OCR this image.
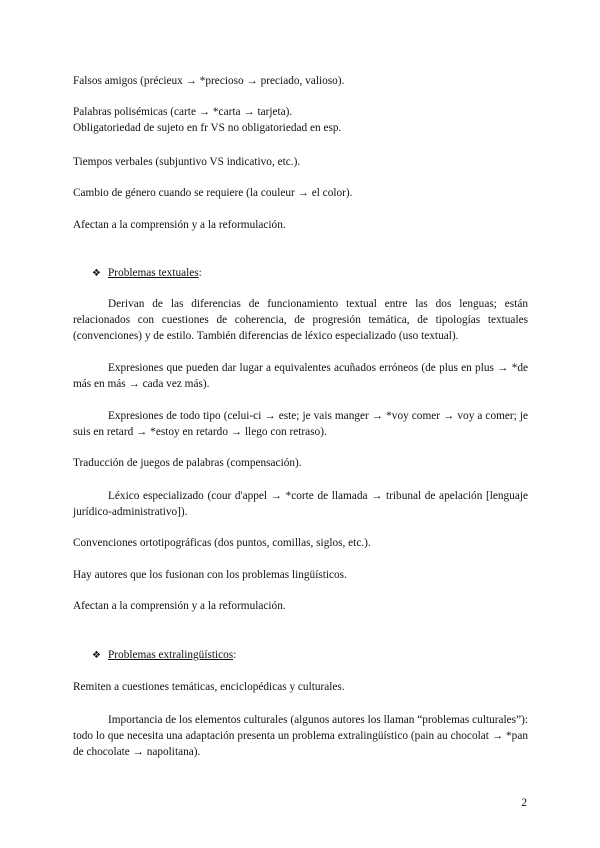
Falsos amigos (précieux → *precioso → preciado, valioso).
Palabras polisémicas (carte → *carta → tarjeta).
Obligatoriedad de sujeto en fr VS no obligatoriedad en esp.
Tiempos verbales (subjuntivo VS indicativo, etc.).
Cambio de género cuando se requiere (la couleur → el color).
Afectan a la comprensión y a la reformulación.
❖ Problemas textuales:
Derivan de las diferencias de funcionamiento textual entre las dos lenguas; están relacionados con cuestiones de coherencia, de progresión temática, de tipologías textuales (convenciones) y de estilo. También diferencias de léxico especializado (uso textual).
Expresiones que pueden dar lugar a equivalentes acuñados erróneos (de plus en plus → *de más en más → cada vez más).
Expresiones de todo tipo (celui-ci → este; je vais manger → *voy comer → voy a comer; je suis en retard → *estoy en retardo → llego con retraso).
Traducción de juegos de palabras (compensación).
Léxico especializado (cour d'appel → *corte de llamada → tribunal de apelación [lenguaje jurídico-administrativo]).
Convenciones ortotipográficas (dos puntos, comillas, siglos, etc.).
Hay autores que los fusionan con los problemas lingüísticos.
Afectan a la comprensión y a la reformulación.
❖ Problemas extralingüísticos:
Remiten a cuestiones temáticas, enciclopédicas y culturales.
Importancia de los elementos culturales (algunos autores los llaman “problemas culturales”): todo lo que necesita una adaptación presenta un problema extralingüístico (pain au chocolat → *pan de chocolate → napolitana).
2
